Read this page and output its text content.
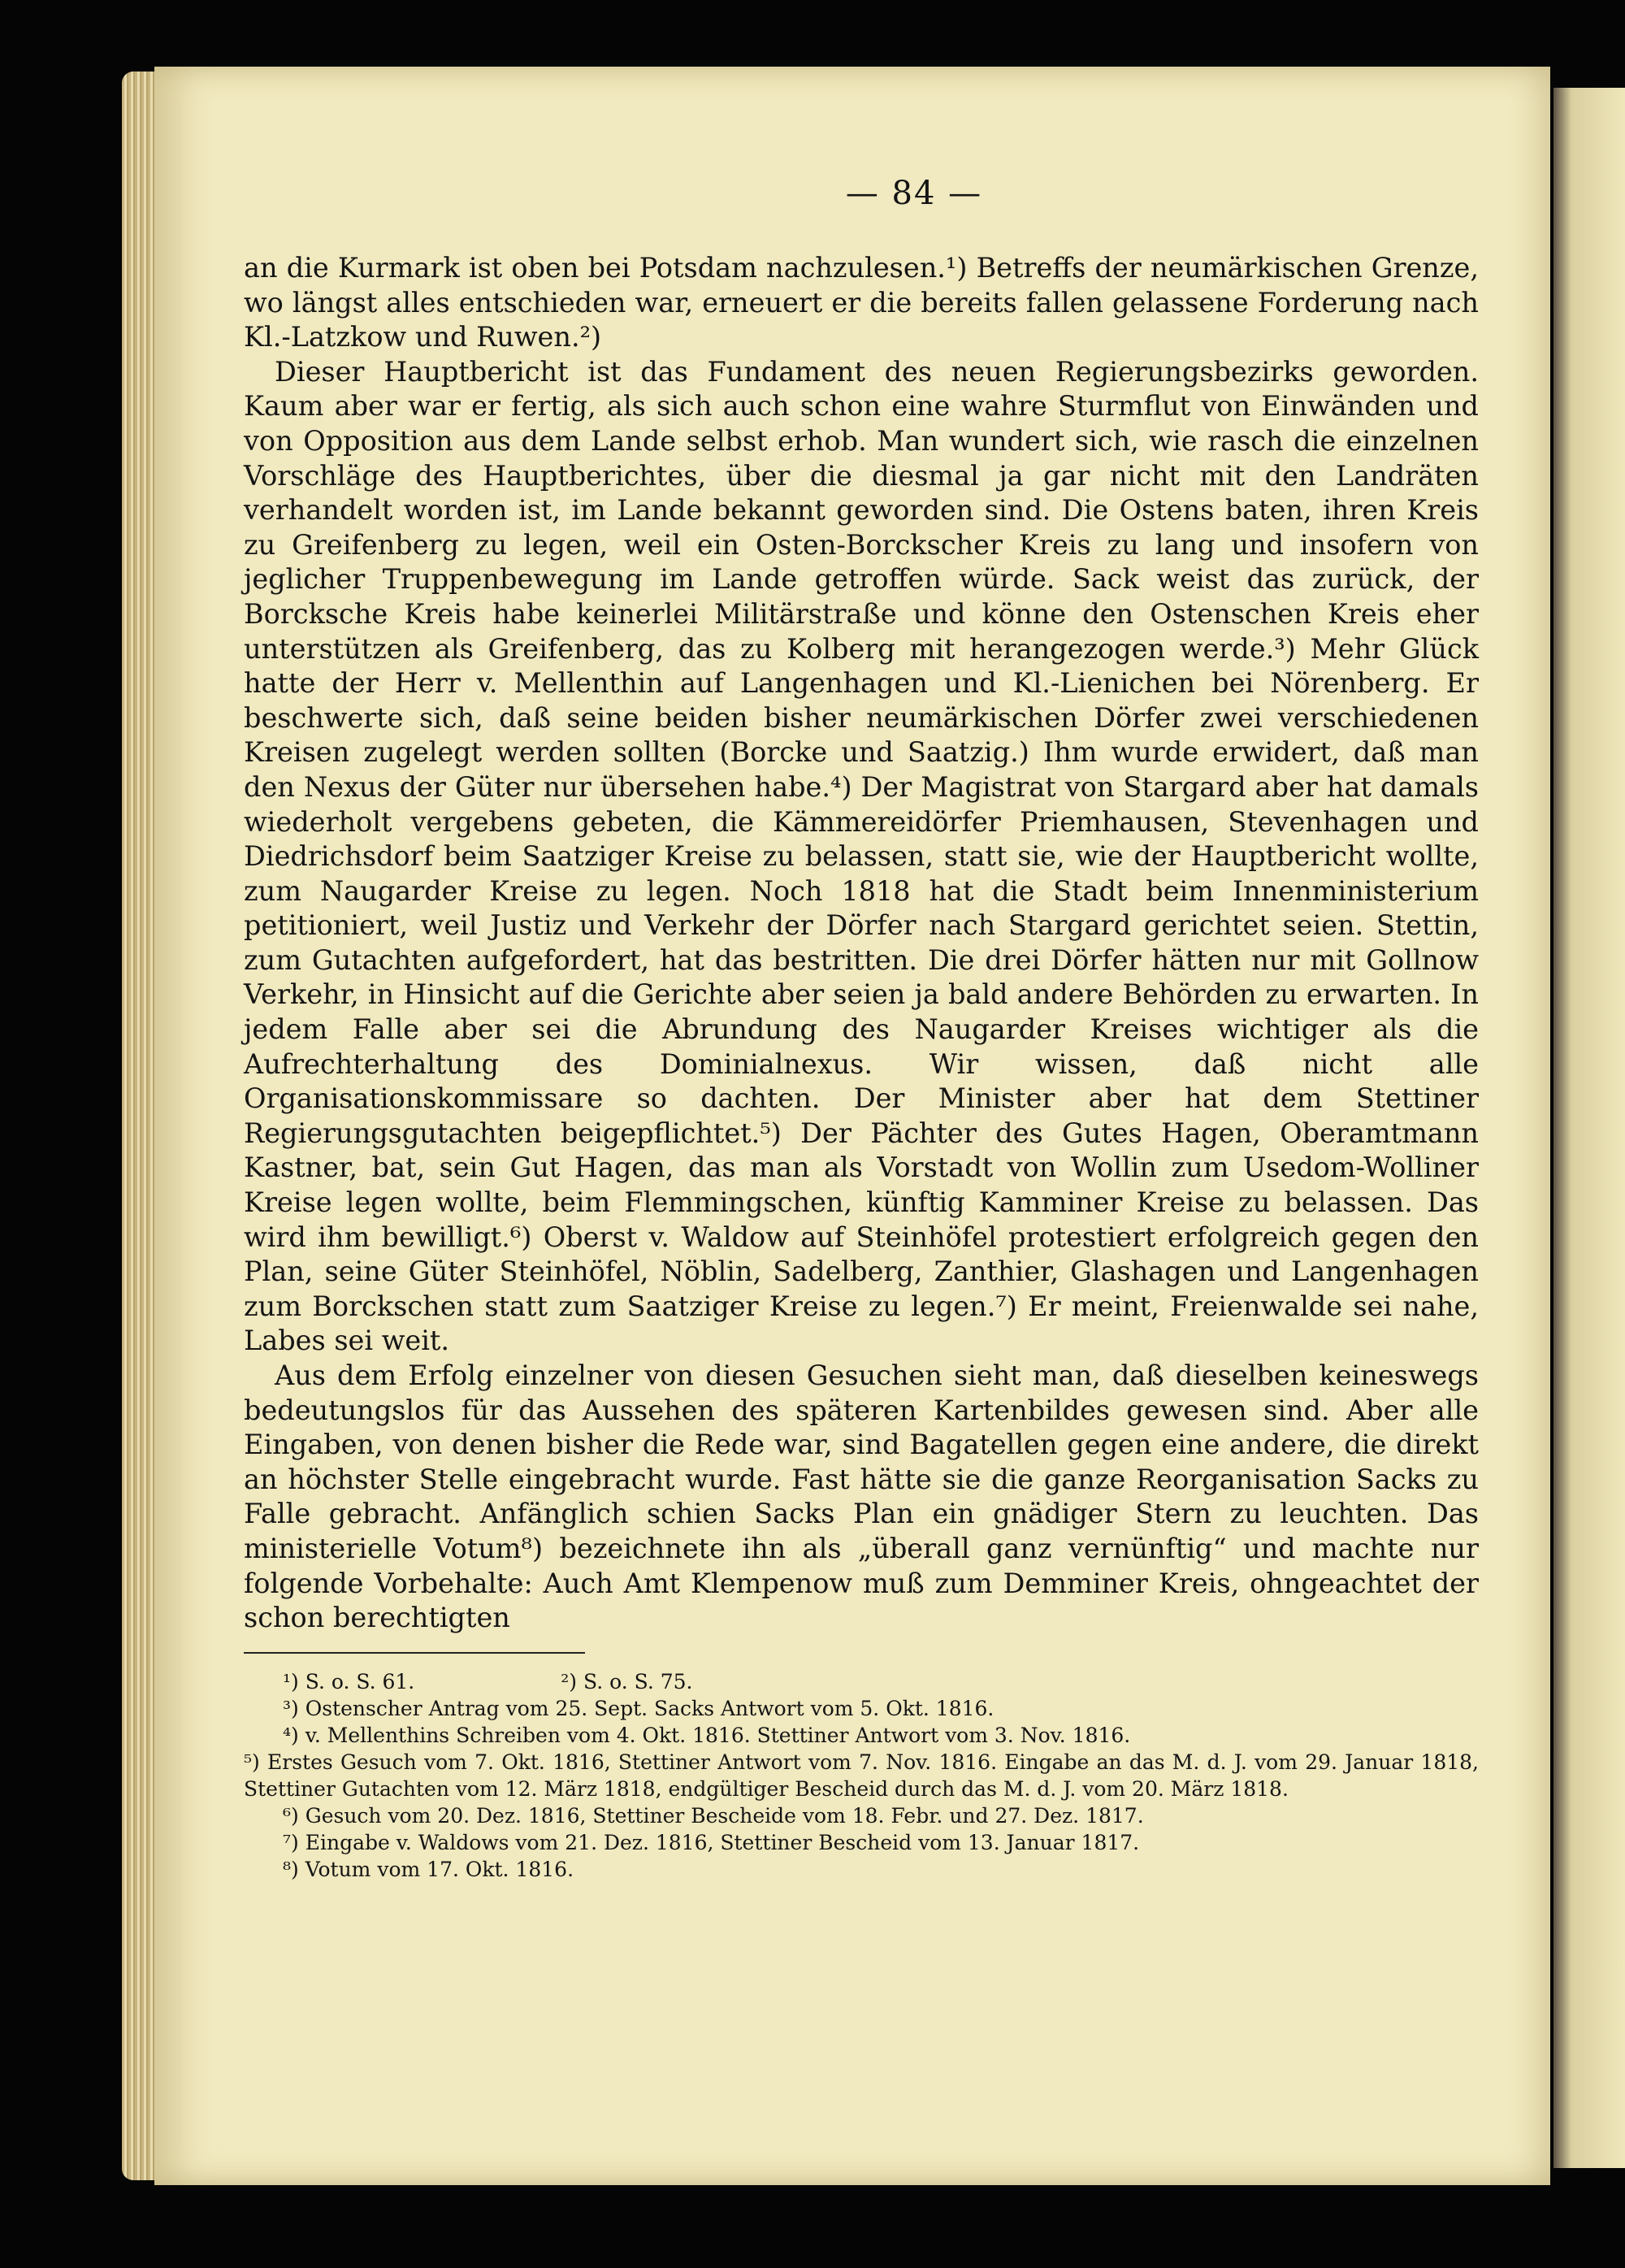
— 84 —

an die Kurmark ist oben bei Potsdam nachzulesen.¹) Betreffs der neumärkischen Grenze, wo längst alles entschieden war, erneuert er die bereits fallen gelassene Forderung nach Kl.-Latzkow und Ruwen.²)

Dieser Hauptbericht ist das Fundament des neuen Regierungsbezirks geworden. Kaum aber war er fertig, als sich auch schon eine wahre Sturmflut von Einwänden und von Opposition aus dem Lande selbst erhob. Man wundert sich, wie rasch die einzelnen Vorschläge des Hauptberichtes, über die diesmal ja gar nicht mit den Landräten verhandelt worden ist, im Lande bekannt geworden sind. Die Ostens baten, ihren Kreis zu Greifenberg zu legen, weil ein Osten-Borckscher Kreis zu lang und insofern von jeglicher Truppenbewegung im Lande getroffen würde. Sack weist das zurück, der Borcksche Kreis habe keinerlei Militärstraße und könne den Ostenschen Kreis eher unterstützen als Greifenberg, das zu Kolberg mit herangezogen werde.³) Mehr Glück hatte der Herr v. Mellenthin auf Langenhagen und Kl.-Lienichen bei Nörenberg. Er beschwerte sich, daß seine beiden bisher neumärkischen Dörfer zwei verschiedenen Kreisen zugelegt werden sollten (Borcke und Saatzig.) Ihm wurde erwidert, daß man den Nexus der Güter nur übersehen habe.⁴) Der Magistrat von Stargard aber hat damals wiederholt vergebens gebeten, die Kämmereidörfer Priemhausen, Stevenhagen und Diedrichsdorf beim Saatziger Kreise zu belassen, statt sie, wie der Hauptbericht wollte, zum Naugarder Kreise zu legen. Noch 1818 hat die Stadt beim Innenministerium petitioniert, weil Justiz und Verkehr der Dörfer nach Stargard gerichtet seien. Stettin, zum Gutachten aufgefordert, hat das bestritten. Die drei Dörfer hätten nur mit Gollnow Verkehr, in Hinsicht auf die Gerichte aber seien ja bald andere Behörden zu erwarten. In jedem Falle aber sei die Abrundung des Naugarder Kreises wichtiger als die Aufrechterhaltung des Dominialnexus. Wir wissen, daß nicht alle Organisationskommissare so dachten. Der Minister aber hat dem Stettiner Regierungsgutachten beigepflichtet.⁵) Der Pächter des Gutes Hagen, Oberamtmann Kastner, bat, sein Gut Hagen, das man als Vorstadt von Wollin zum Usedom-Wolliner Kreise legen wollte, beim Flemmingschen, künftig Kamminer Kreise zu belassen. Das wird ihm bewilligt.⁶) Oberst v. Waldow auf Steinhöfel protestiert erfolgreich gegen den Plan, seine Güter Steinhöfel, Nöblin, Sadelberg, Zanthier, Glashagen und Langenhagen zum Borckschen statt zum Saatziger Kreise zu legen.⁷) Er meint, Freienwalde sei nahe, Labes sei weit.

Aus dem Erfolg einzelner von diesen Gesuchen sieht man, daß dieselben keineswegs bedeutungslos für das Aussehen des späteren Kartenbildes gewesen sind. Aber alle Eingaben, von denen bisher die Rede war, sind Bagatellen gegen eine andere, die direkt an höchster Stelle eingebracht wurde. Fast hätte sie die ganze Reorganisation Sacks zu Falle gebracht. Anfänglich schien Sacks Plan ein gnädiger Stern zu leuchten. Das ministerielle Votum⁸) bezeichnete ihn als „überall ganz vernünftig“ und machte nur folgende Vorbehalte: Auch Amt Klempenow muß zum Demminer Kreis, ohngeachtet der schon berechtigten

¹) S. o. S. 61.	²) S. o. S. 75.

³) Ostenscher Antrag vom 25. Sept. Sacks Antwort vom 5. Okt. 1816.

⁴) v. Mellenthins Schreiben vom 4. Okt. 1816. Stettiner Antwort vom 3. Nov. 1816.

⁵) Erstes Gesuch vom 7. Okt. 1816, Stettiner Antwort vom 7. Nov. 1816. Eingabe an das M. d. J. vom 29. Januar 1818, Stettiner Gutachten vom 12. März 1818, endgültiger Bescheid durch das M. d. J. vom 20. März 1818.

⁶) Gesuch vom 20. Dez. 1816, Stettiner Bescheide vom 18. Febr. und 27. Dez. 1817.

⁷) Eingabe v. Waldows vom 21. Dez. 1816, Stettiner Bescheid vom 13. Januar 1817.

⁸) Votum vom 17. Okt. 1816.
